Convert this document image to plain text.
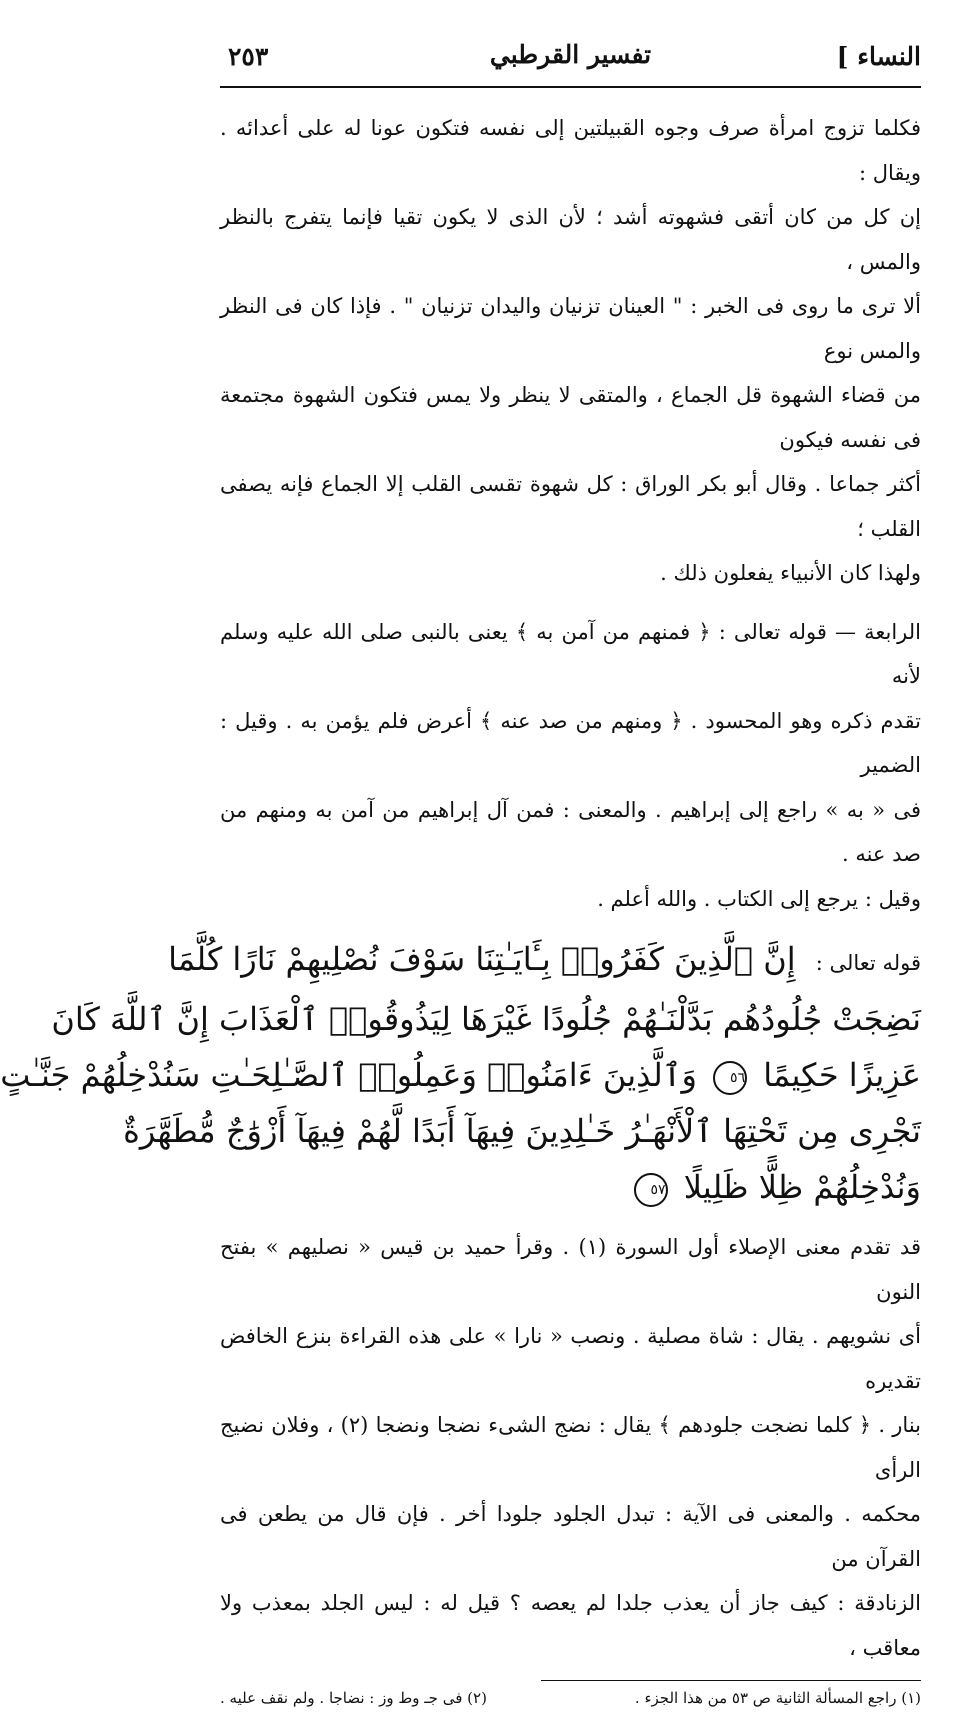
النساء ]
تفسير القرطبي
٢٥٣
فكلما تزوج امرأة صرف وجوه القبيلتين إلى نفسه فتكون عونا له على أعدائه . ويقال :
إن كل من كان أتقى فشهوته أشد ؛ لأن الذى لا يكون تقيا فإنما يتفرج بالنظر والمس ،
ألا ترى ما روى فى الخبر : " العينان تزنيان واليدان تزنيان " . فإذا كان فى النظر والمس نوع
من قضاء الشهوة قل الجماع ، والمتقى لا ينظر ولا يمس فتكون الشهوة مجتمعة فى نفسه فيكون
أكثر جماعا . وقال أبو بكر الوراق : كل شهوة تقسى القلب إلا الجماع فإنه يصفى القلب ؛
ولهذا كان الأنبياء يفعلون ذلك .
الرابعة — قوله تعالى : ﴿ فمنهم من آمن به ﴾ يعنى بالنبى صلى الله عليه وسلم لأنه
تقدم ذكره وهو المحسود . ﴿ ومنهم من صد عنه ﴾ أعرض فلم يؤمن به . وقيل : الضمير
فى « به » راجع إلى إبراهيم . والمعنى : فمن آل إبراهيم من آمن به ومنهم من صد عنه .
وقيل : يرجع إلى الكتاب . والله أعلم .
قوله تعالى : إِنَّ ٱلَّذِينَ كَفَرُوا۟ بِـَٔايَـٰتِنَا سَوْفَ نُصْلِيهِمْ نَارًا كُلَّمَا
نَضِجَتْ جُلُودُهُم بَدَّلْنَـٰهُمْ جُلُودًا غَيْرَهَا لِيَذُوقُوا۟ ٱلْعَذَابَ إِنَّ ٱللَّهَ كَانَ
عَزِيزًا حَكِيمًا ٥٦ وَٱلَّذِينَ ءَامَنُوا۟ وَعَمِلُوا۟ ٱلصَّـٰلِحَـٰتِ سَنُدْخِلُهُمْ جَنَّـٰتٍ
تَجْرِى مِن تَحْتِهَا ٱلْأَنْهَـٰرُ خَـٰلِدِينَ فِيهَآ أَبَدًا لَّهُمْ فِيهَآ أَزْوَٰجٌ مُّطَهَّرَةٌ
وَنُدْخِلُهُمْ ظِلًّا ظَلِيلًا ٥٧
قد تقدم معنى الإصلاء أول السورة (١) . وقرأ حميد بن قيس « نصليهم » بفتح النون
أى نشويهم . يقال : شاة مصلية . ونصب « نارا » على هذه القراءة بنزع الخافض تقديره
بنار . ﴿ كلما نضجت جلودهم ﴾ يقال : نضج الشىء نضجا ونضجا (٢) ، وفلان نضيج الرأى
محكمه . والمعنى فى الآية : تبدل الجلود جلودا أخر . فإن قال من يطعن فى القرآن من
الزنادقة : كيف جاز أن يعذب جلدا لم يعصه ؟ قيل له : ليس الجلد بمعذب ولا معاقب ،
(١) راجع المسألة الثانية ص ٥٣ من هذا الجزء .
(٢) فى جـ وط وز : نضاجا . ولم نقف عليه .
